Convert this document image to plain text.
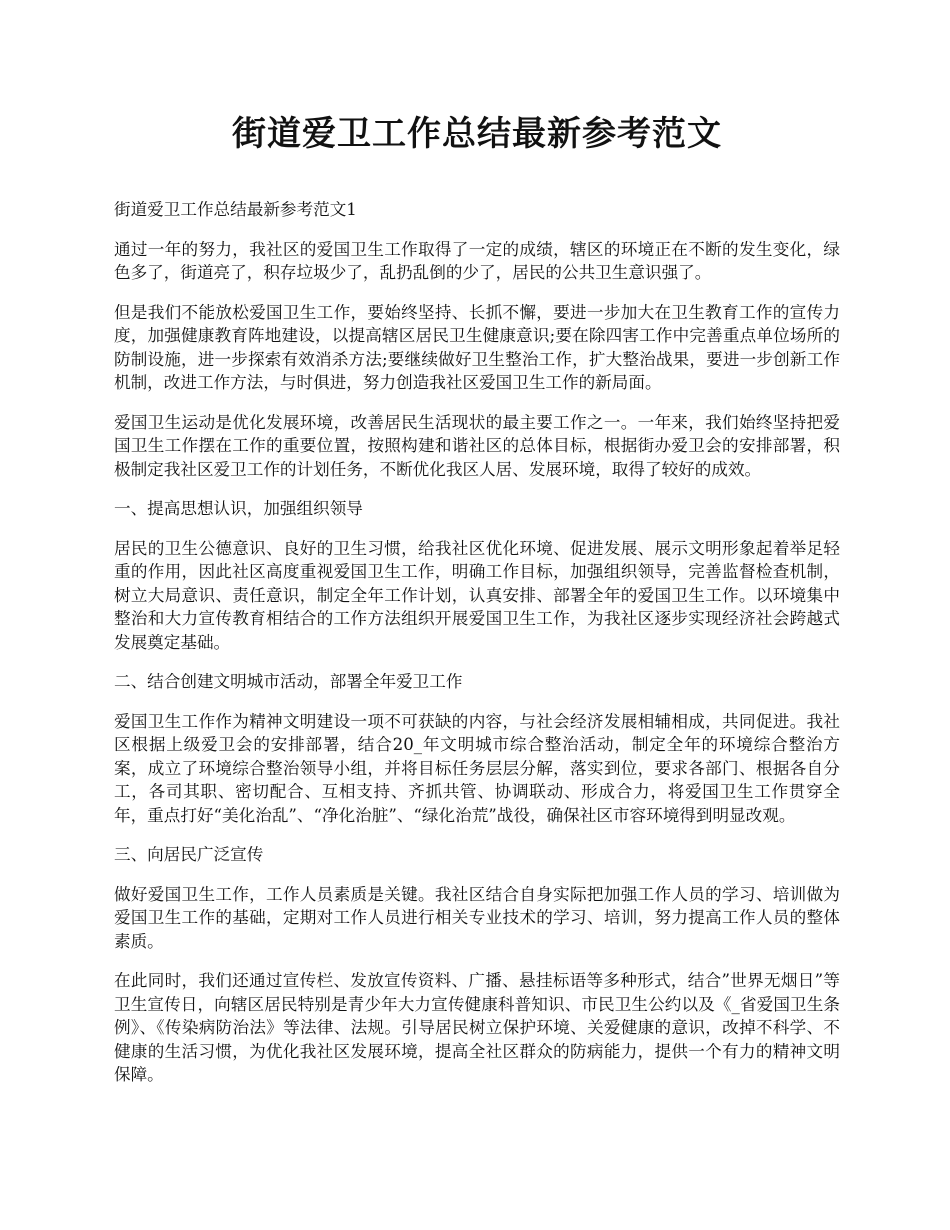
街道爱卫工作总结最新参考范文

街道爱卫工作总结最新参考范文1

通过一年的努力，我社区的爱国卫生工作取得了一定的成绩，辖区的环境正在不断的发生变化，绿色多了，街道亮了，积存垃圾少了，乱扔乱倒的少了，居民的公共卫生意识强了。

但是我们不能放松爱国卫生工作，要始终坚持、长抓不懈，要进一步加大在卫生教育工作的宣传力度，加强健康教育阵地建设，以提高辖区居民卫生健康意识;要在除四害工作中完善重点单位场所的防制设施，进一步探索有效消杀方法;要继续做好卫生整治工作，扩大整治战果，要进一步创新工作机制，改进工作方法，与时俱进，努力创造我社区爱国卫生工作的新局面。

爱国卫生运动是优化发展环境，改善居民生活现状的最主要工作之一。一年来，我们始终坚持把爱国卫生工作摆在工作的重要位置，按照构建和谐社区的总体目标，根据街办爱卫会的安排部署，积极制定我社区爱卫工作的计划任务，不断优化我区人居、发展环境，取得了较好的成效。

一、提高思想认识，加强组织领导

居民的卫生公德意识、良好的卫生习惯，给我社区优化环境、促进发展、展示文明形象起着举足轻重的作用，因此社区高度重视爱国卫生工作，明确工作目标，加强组织领导，完善监督检查机制，树立大局意识、责任意识，制定全年工作计划，认真安排、部署全年的爱国卫生工作。以环境集中整治和大力宣传教育相结合的工作方法组织开展爱国卫生工作，为我社区逐步实现经济社会跨越式发展奠定基础。

二、结合创建文明城市活动，部署全年爱卫工作

爱国卫生工作作为精神文明建设一项不可获缺的内容，与社会经济发展相辅相成，共同促进。我社区根据上级爱卫会的安排部署，结合20_年文明城市综合整治活动，制定全年的环境综合整治方案，成立了环境综合整治领导小组，并将目标任务层层分解，落实到位，要求各部门、根据各自分工，各司其职、密切配合、互相支持、齐抓共管、协调联动、形成合力，将爱国卫生工作贯穿全年，重点打好“美化治乱”、“净化治脏”、“绿化治荒”战役，确保社区市容环境得到明显改观。

三、向居民广泛宣传

做好爱国卫生工作，工作人员素质是关键。我社区结合自身实际把加强工作人员的学习、培训做为爱国卫生工作的基础，定期对工作人员进行相关专业技术的学习、培训，努力提高工作人员的整体素质。

在此同时，我们还通过宣传栏、发放宣传资料、广播、悬挂标语等多种形式，结合”世界无烟日”等卫生宣传日，向辖区居民特别是青少年大力宣传健康科普知识、市民卫生公约以及《_省爱国卫生条例》、《传染病防治法》等法律、法规。引导居民树立保护环境、关爱健康的意识，改掉不科学、不健康的生活习惯，为优化我社区发展环境，提高全社区群众的防病能力，提供一个有力的精神文明保障。
